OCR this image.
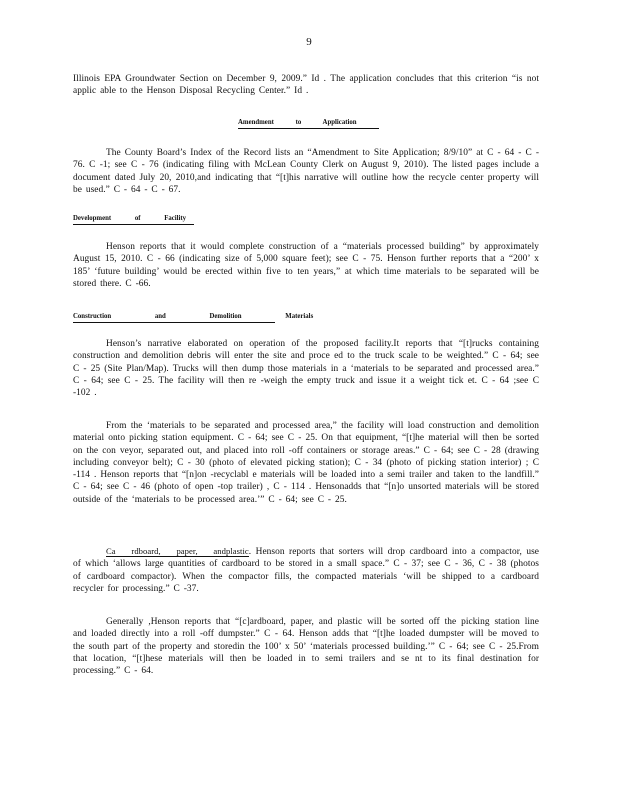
9
Illinois EPA Groundwater Section on December 9, 2009.” Id . The application concludes that this criterion “is not applic able to the Henson Disposal Recycling Center.” Id .
Amendment to Application
The County Board’s Index of the Record lists an “Amendment to Site Application; 8/9/10” at C - 64 - C - 76. C -1; see C - 76 (indicating filing with McLean County Clerk on August 9, 2010). The listed pages include a document dated July 20, 2010,and indicating that “[t]his narrative will outline how the recycle center property will be used.” C - 64 - C - 67.
Development of Facility
Henson reports that it would complete construction of a “materials processed building” by approximately August 15, 2010. C - 66 (indicating size of 5,000 square feet); see C - 75. Henson further reports that a “200’ x 185’ ‘future building’ would be erected within five to ten years,” at which time materials to be separated will be stored there. C -66.
Construction and Demolition Materials
Henson’s narrative elaborated on operation of the proposed facility.It reports that “[t]rucks containing construction and demolition debris will enter the site and proce ed to the truck scale to be weighted.” C - 64; see C - 25 (Site Plan/Map). Trucks will then dump those materials in a ‘materials to be separated and processed area.” C - 64; see C - 25. The facility will then re -weigh the empty truck and issue it a weight tick et. C - 64 ;see C -102 .
From the ‘materials to be separated and processed area,” the facility will load construction and demolition material onto picking station equipment. C - 64; see C - 25. On that equipment, “[t]he material will then be sorted on the con veyor, separated out, and placed into roll -off containers or storage areas.” C - 64; see C - 28 (drawing including conveyor belt); C - 30 (photo of elevated picking station); C - 34 (photo of picking station interior) ; C -114 . Henson reports that “[n]on -recyclabl e materials will be loaded into a semi trailer and taken to the landfill.” C - 64; see C - 46 (photo of open -top trailer) , C - 114 . Hensonadds that “[n]o unsorted materials will be stored outside of the ‘materials to be processed area.’” C - 64; see C - 25.
Ca rdboard, paper, andplastic. Henson reports that sorters will drop cardboard into a compactor, use of which ‘allows large quantities of cardboard to be stored in a small space.” C - 37; see C - 36, C - 38 (photos of cardboard compactor). When the compactor fills, the compacted materials ‘will be shipped to a cardboard recycler for processing.” C -37.
Generally ,Henson reports that “[c]ardboard, paper, and plastic will be sorted off the picking station line and loaded directly into a roll -off dumpster.” C - 64. Henson adds that “[t]he loaded dumpster will be moved to the south part of the property and storedin the 100’ x 50’ ‘materials processed building.’” C - 64; see C - 25.From that location, “[t]hese materials will then be loaded in to semi trailers and se nt to its final destination for processing.” C - 64.
